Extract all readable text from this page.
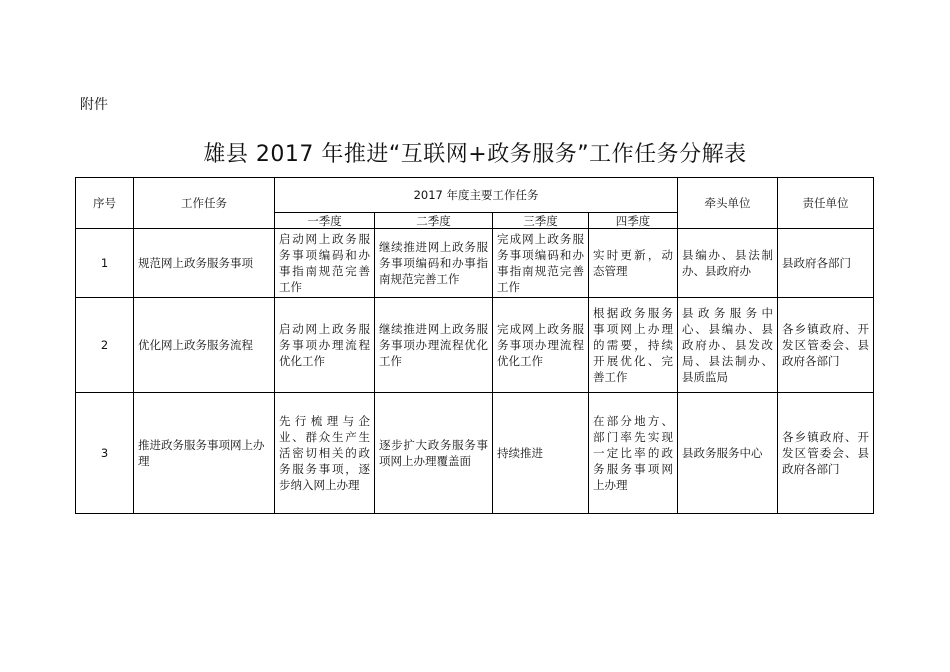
附件
雄县 2017 年推进“互联网+政务服务”工作任务分解表
序号	工作任务	2017 年度主要工作任务				牵头单位	责任单位
		一季度	二季度	三季度	四季度		
1	规范网上政务服务事项	启动网上政务服务事项编码和办事指南规范完善工作	继续推进网上政务服务事项编码和办事指南规范完善工作	完成网上政务服务事项编码和办事指南规范完善工作	实时更新，动态管理	县编办、县法制办、县政府办	县政府各部门
2	优化网上政务服务流程	启动网上政务服务事项办理流程优化工作	继续推进网上政务服务事项办理流程优化工作	完成网上政务服务事项办理流程优化工作	根据政务服务事项网上办理的需要，持续开展优化、完善工作	县政务服务中心、县编办、县政府办、县发改局、县法制办、县质监局	各乡镇政府、开发区管委会、县政府各部门
3	推进政务服务事项网上办理	先行梳理与企业、群众生产生活密切相关的政务服务事项，逐步纳入网上办理	逐步扩大政务服务事项网上办理覆盖面	持续推进	在部分地方、部门率先实现一定比率的政务服务事项网上办理	县政务服务中心	各乡镇政府、开发区管委会、县政府各部门
